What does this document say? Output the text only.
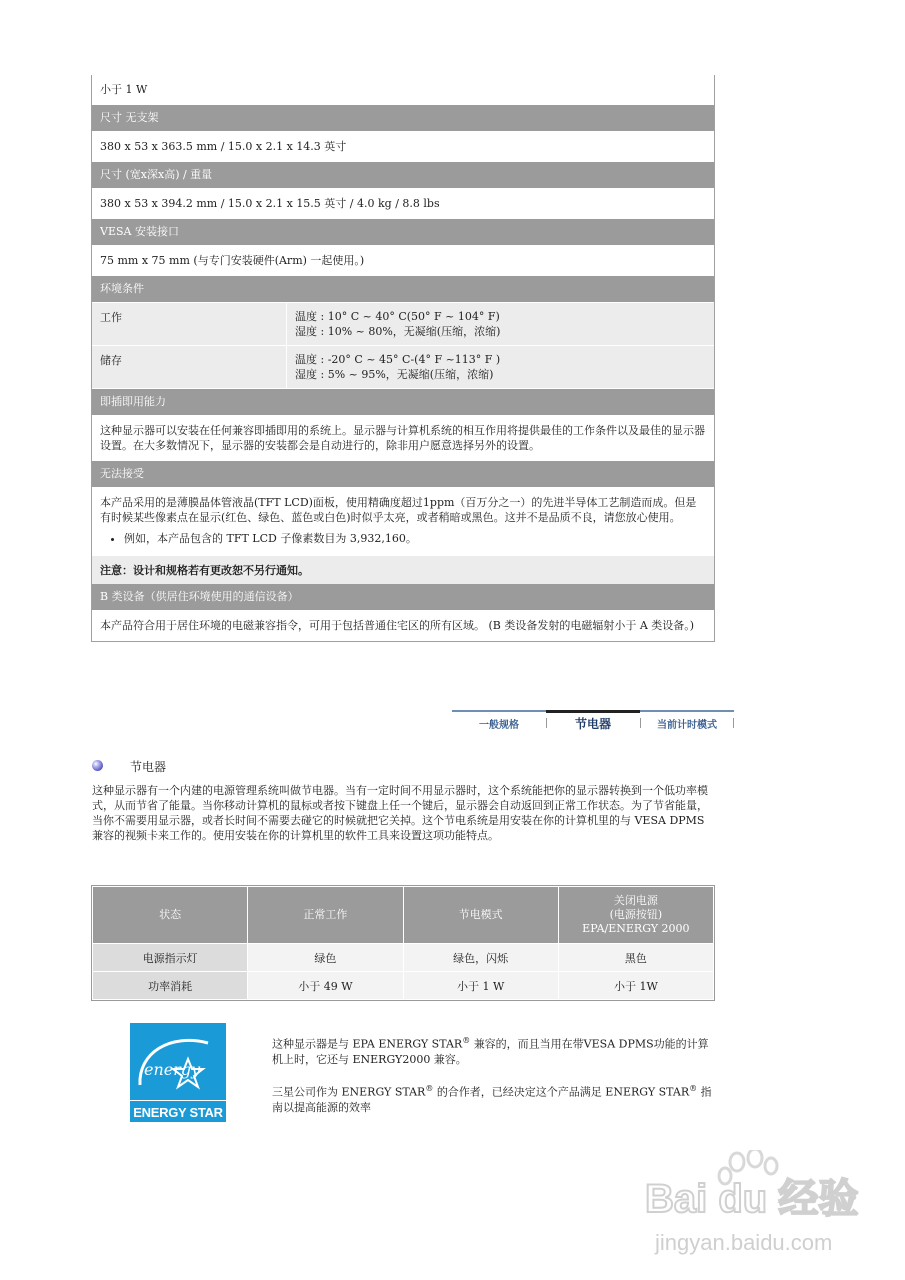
小于 1 W
尺寸 无支架
380 x 53 x 363.5 mm / 15.0 x 2.1 x 14.3 英寸
尺寸 (宽x深x高) / 重量
380 x 53 x 394.2 mm / 15.0 x 2.1 x 15.5 英寸 / 4.0 kg / 8.8 lbs
VESA 安装接口
75 mm x 75 mm (与专门安装硬件(Arm) 一起使用。)
环境条件
工作	温度 : 10° C ~ 40° C(50° F ~ 104° F)
湿度 : 10% ~ 80%，无凝缩(压缩，浓缩)
储存	温度 : -20° C ~ 45° C-(4° F ~113° F )
湿度 : 5% ~ 95%，无凝缩(压缩，浓缩)
即插即用能力
这种显示器可以安装在任何兼容即插即用的系统上。显示器与计算机系统的相互作用将提供最佳的工作条件以及最佳的显示器设置。在大多数情况下，显示器的安装都会是自动进行的，除非用户愿意选择另外的设置。
无法接受
本产品采用的是薄膜晶体管液晶(TFT LCD)面板，使用精确度超过1ppm（百万分之一）的先进半导体工艺制造而成。但是有时候某些像素点在显示(红色、绿色、蓝色或白色)时似乎太亮，或者稍暗或黑色。这并不是品质不良，请您放心使用。
• 例如，本产品包含的 TFT LCD 子像素数目为 3,932,160。
注意：设计和规格若有更改恕不另行通知。
B 类设备（供居住环境使用的通信设备）
本产品符合用于居住环境的电磁兼容指令，可用于包括普通住宅区的所有区域。 (B 类设备发射的电磁辐射小于 A 类设备。)
一般规格	节电器	当前计时模式
节电器
这种显示器有一个内建的电源管理系统叫做节电器。当有一定时间不用显示器时，这个系统能把你的显示器转换到一个低功率模式，从而节省了能量。当你移动计算机的鼠标或者按下键盘上任一个键后，显示器会自动返回到正常工作状态。为了节省能量，当你不需要用显示器，或者长时间不需要去碰它的时候就把它关掉。这个节电系统是用安装在你的计算机里的与 VESA DPMS 兼容的视频卡来工作的。使用安装在你的计算机里的软件工具来设置这项功能特点。
状态	正常工作	节电模式	关闭电源
(电源按钮)
EPA/ENERGY 2000

电源指示灯	绿色	绿色，闪烁	黑色
功率消耗	小于 49 W	小于 1 W	小于 1W
energy
ENERGY STAR
这种显示器是与 EPA ENERGY STAR® 兼容的，而且当用在带VESA DPMS功能的计算机上时，它还与 ENERGY2000 兼容。
三星公司作为 ENERGY STAR® 的合作者，已经决定这个产品满足 ENERGY STAR® 指南以提高能源的效率
Bai du 经验
jingyan.baidu.com
